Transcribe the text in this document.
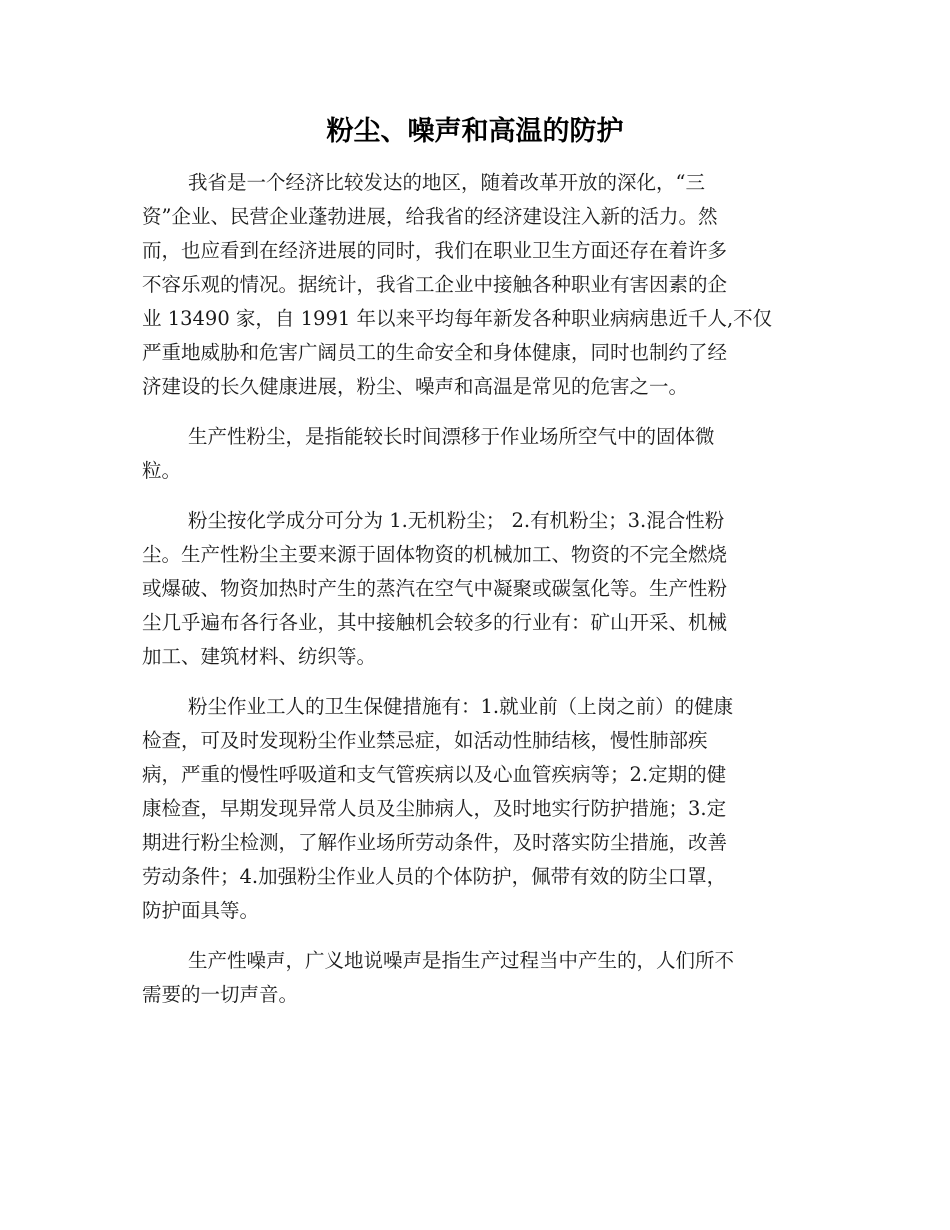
粉尘、噪声和高温的防护

我省是一个经济比较发达的地区，随着改革开放的深化，“三
资”企业、民营企业蓬勃进展，给我省的经济建设注入新的活力。然
而，也应看到在经济进展的同时，我们在职业卫生方面还存在着许多
不容乐观的情况。据统计，我省工企业中接触各种职业有害因素的企
业 13490 家，自 1991 年以来平均每年新发各种职业病病患近千人,不仅
严重地威胁和危害广阔员工的生命安全和身体健康，同时也制约了经
济建设的长久健康进展，粉尘、噪声和高温是常见的危害之一。

生产性粉尘，是指能较长时间漂移于作业场所空气中的固体微
粒。

粉尘按化学成分可分为 1.无机粉尘； 2.有机粉尘；3.混合性粉
尘。生产性粉尘主要来源于固体物资的机械加工、物资的不完全燃烧
或爆破、物资加热时产生的蒸汽在空气中凝聚或碳氢化等。生产性粉
尘几乎遍布各行各业，其中接触机会较多的行业有：矿山开采、机械
加工、建筑材料、纺织等。

粉尘作业工人的卫生保健措施有：1.就业前（上岗之前）的健康
检查，可及时发现粉尘作业禁忌症，如活动性肺结核，慢性肺部疾
病，严重的慢性呼吸道和支气管疾病以及心血管疾病等；2.定期的健
康检查，早期发现异常人员及尘肺病人，及时地实行防护措施；3.定
期进行粉尘检测，了解作业场所劳动条件，及时落实防尘措施，改善
劳动条件；4.加强粉尘作业人员的个体防护，佩带有效的防尘口罩，
防护面具等。

生产性噪声，广义地说噪声是指生产过程当中产生的，人们所不
需要的一切声音。
